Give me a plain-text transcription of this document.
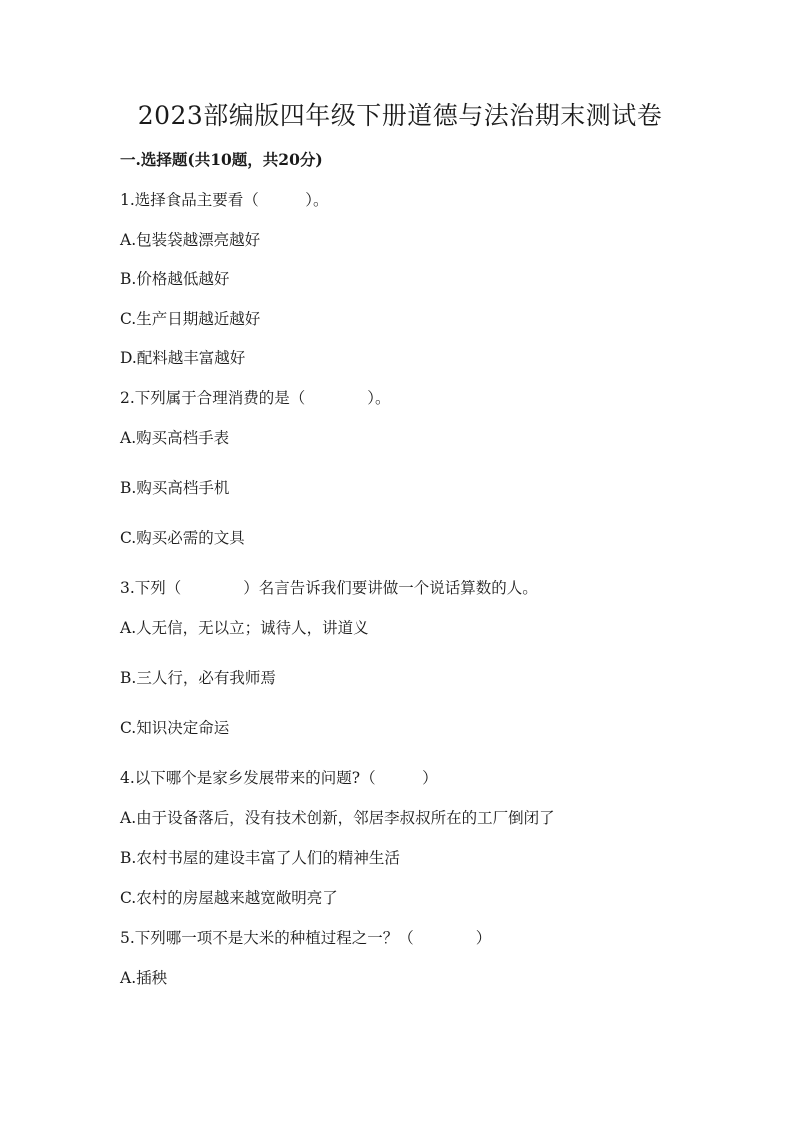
2023部编版四年级下册道德与法治期末测试卷
一.选择题(共10题，共20分)
1.选择食品主要看（　　　）。
A.包装袋越漂亮越好
B.价格越低越好
C.生产日期越近越好
D.配料越丰富越好
2.下列属于合理消费的是（　　　　）。
A.购买高档手表
B.购买高档手机
C.购买必需的文具
3.下列（　　　　）名言告诉我们要讲做一个说话算数的人。
A.人无信，无以立；诚待人，讲道义
B.三人行，必有我师焉
C.知识决定命运
4.以下哪个是家乡发展带来的问题?（　　　）
A.由于设备落后，没有技术创新，邻居李叔叔所在的工厂倒闭了
B.农村书屋的建设丰富了人们的精神生活
C.农村的房屋越来越宽敞明亮了
5.下列哪一项不是大米的种植过程之一？（　　　　）
A.插秧
